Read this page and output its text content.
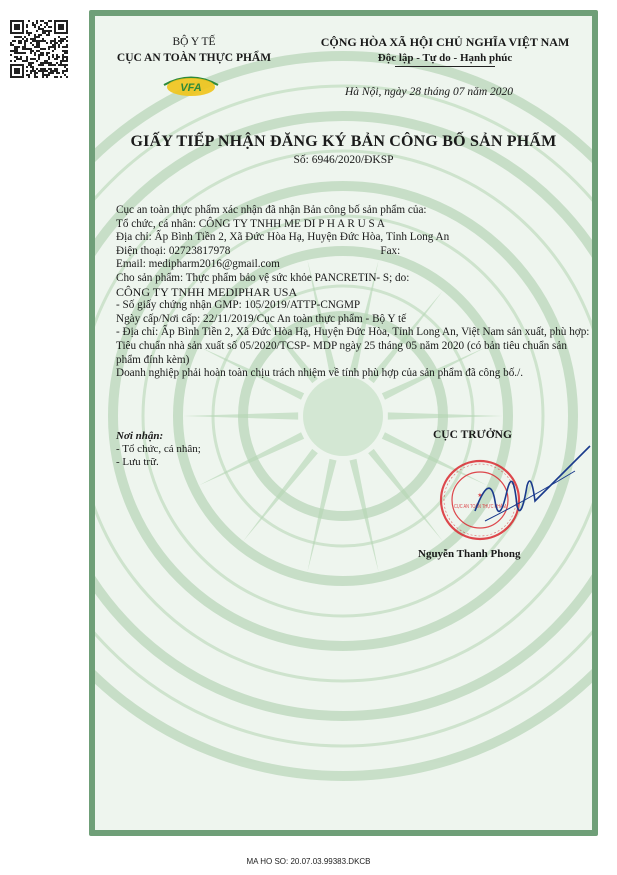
BỘ Y TẾ
CỤC AN TOÀN THỰC PHẨM
VFA
CỘNG HÒA XÃ HỘI CHỦ NGHĨA VIỆT NAM
Độc lập - Tự do - Hạnh phúc
Hà Nội, ngày 28 tháng 07 năm 2020
GIẤY TIẾP NHẬN ĐĂNG KÝ BẢN CÔNG BỐ SẢN PHẨM
Số: 6946/2020/ĐKSP

Cục an toàn thực phẩm xác nhận đã nhận Bản công bố sản phẩm của:

Tổ chức, cá nhân: CÔNG TY TNHH ME DI P H A R U S A

Địa chỉ: Ấp Bình Tiền 2, Xã Đức Hòa Hạ, Huyện Đức Hòa, Tỉnh Long An

Điện thoại: 02723817978	Fax:

Email: medipharm2016@gmail.com

Cho sản phẩm: Thực phẩm bảo vệ sức khỏe PANCRETIN- S; do:

CÔNG TY TNHH MEDIPHAR USA

- Số giấy chứng nhận GMP: 105/2019/ATTP-CNGMP

Ngày cấp/Nơi cấp: 22/11/2019/Cục An toàn thực phẩm - Bộ Y tế

- Địa chỉ: Ấp Bình Tiền 2, Xã Đức Hòa Hạ, Huyện Đức Hòa, Tỉnh Long An, Việt Nam sản xuất, phù hợp:

Tiêu chuẩn nhà sản xuất số 05/2020/TCSP- MDP ngày 25 tháng 05 năm 2020 (có bản tiêu chuẩn sản phẩm đính kèm)

Doanh nghiệp phải hoàn toàn chịu trách nhiệm về tính phù hợp của sản phẩm đã công bố./.

Nơi nhận:
- Tổ chức, cá nhân;
- Lưu trữ.
CỤC TRƯỞNG
★
CỤC AN TOÀN THỰC PHẨM
Nguyễn Thanh Phong
MA HO SO: 20.07.03.99383.DKCB
